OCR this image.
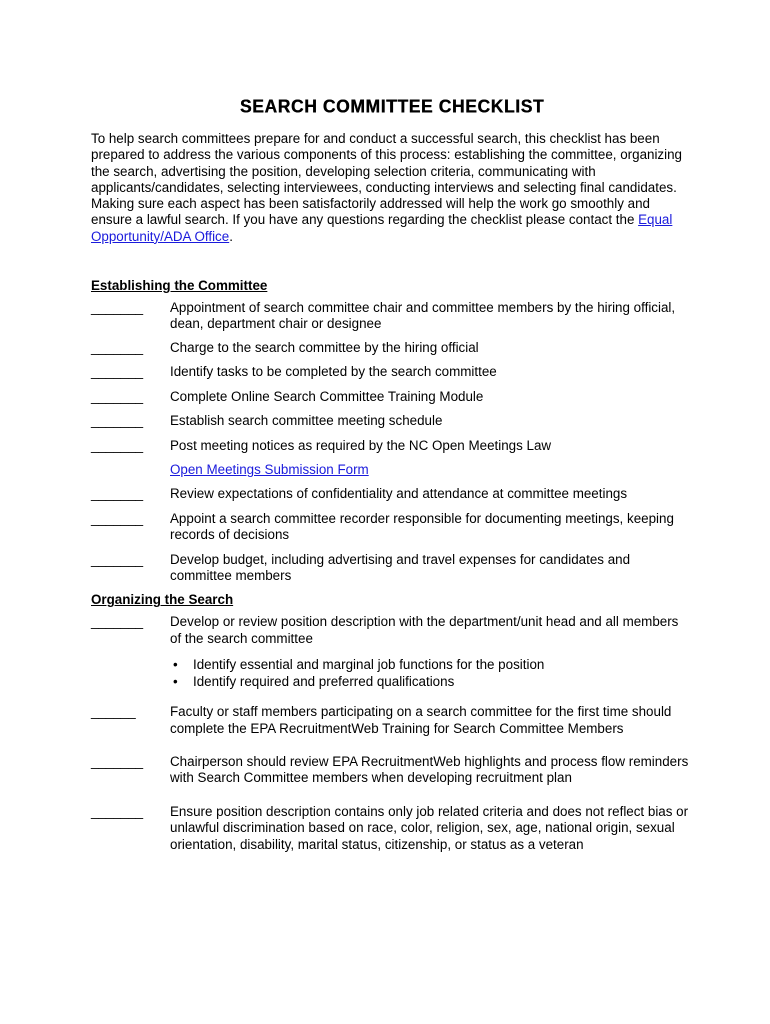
SEARCH COMMITTEE CHECKLIST

To help search committees prepare for and conduct a successful search, this checklist has been prepared to address the various components of this process: establishing the committee, organizing the search, advertising the position, developing selection criteria, communicating with applicants/candidates, selecting interviewees, conducting interviews and selecting final candidates. Making sure each aspect has been satisfactorily addressed will help the work go smoothly and ensure a lawful search. If you have any questions regarding the checklist please contact the Equal Opportunity/ADA Office.

Establishing the Committee
_______	Appointment of search committee chair and committee members by the hiring official, dean, department chair or designee
_______	Charge to the search committee by the hiring official
_______	Identify tasks to be completed by the search committee
_______	Complete Online Search Committee Training Module
_______	Establish search committee meeting schedule
_______	Post meeting notices as required by the NC Open Meetings Law
Open Meetings Submission Form
_______	Review expectations of confidentiality and attendance at committee meetings
_______	Appoint a search committee recorder responsible for documenting meetings, keeping records of decisions
_______	Develop budget, including advertising and travel expenses for candidates and committee members
Organizing the Search
_______	Develop or review position description with the department/unit head and all members of the search committee
• Identify essential and marginal job functions for the position
• Identify required and preferred qualifications
______	Faculty or staff members participating on a search committee for the first time should complete the EPA RecruitmentWeb Training for Search Committee Members
_______	Chairperson should review EPA RecruitmentWeb highlights and process flow reminders with Search Committee members when developing recruitment plan
_______	Ensure position description contains only job related criteria and does not reflect bias or unlawful discrimination based on race, color, religion, sex, age, national origin, sexual orientation, disability, marital status, citizenship, or status as a veteran
